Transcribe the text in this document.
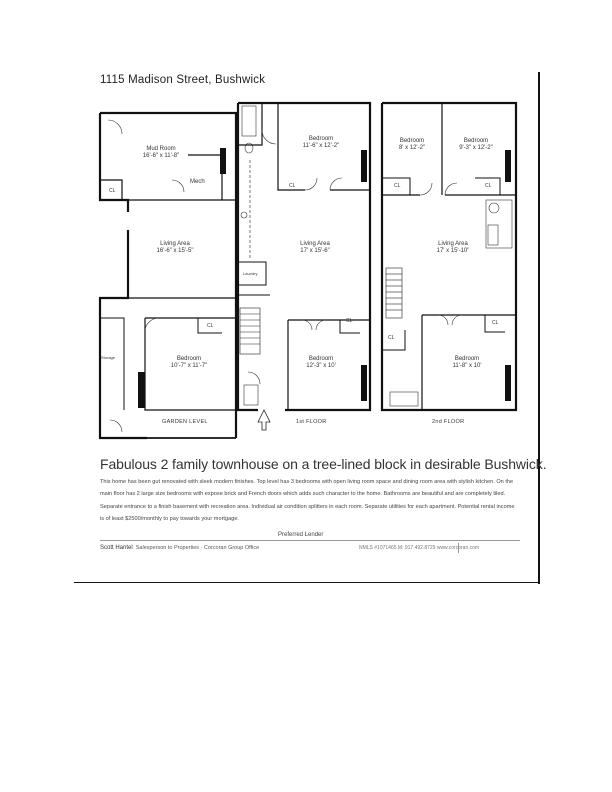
1115 Madison Street, Bushwick
Mud Room
16'-6" x 11'-8"
Mech
Living Area
16'-6" x 15'-5"
Bedroom
10'-7" x 11'-7"
CL
CL
Storage
GARDEN LEVEL
Bedroom
11'-6" x 12'-2"
Living Area
17' x 15'-6"
Bedroom
12'-3" x 10'
CL
CL
Laundry
1st FLOOR
Bedroom
8' x 12'-2"
Bedroom
9'-3" x 12'-2"
Living Area
17' x 15'-10"
Bedroom
11'-8" x 10'
CL	CL
CL
CL
2nd FLOOR
Fabulous 2 family townhouse on a tree-lined block in desirable Bushwick.
This home has been gut renovated with sleek modern finishes. Top level has 3 bedrooms with open living room space and dining room area with stylish kitchen. On the main floor has 2 large size bedrooms with expose brick and French doors which adds such character to the home. Bathrooms are beautiful and are completely tiled. Separate entrance to a finish basement with recreation area. Individual air condition splitters in each room. Separate utilities for each apartment. Potential rental income is of least $2500/monthly to pay towards your mortgage.
Preferred Lender
Scott Hantel Salesperson to Properties · Corcoran Group Office	NMLS #1071465 M: 917.492.8729 www.corcoran.com
